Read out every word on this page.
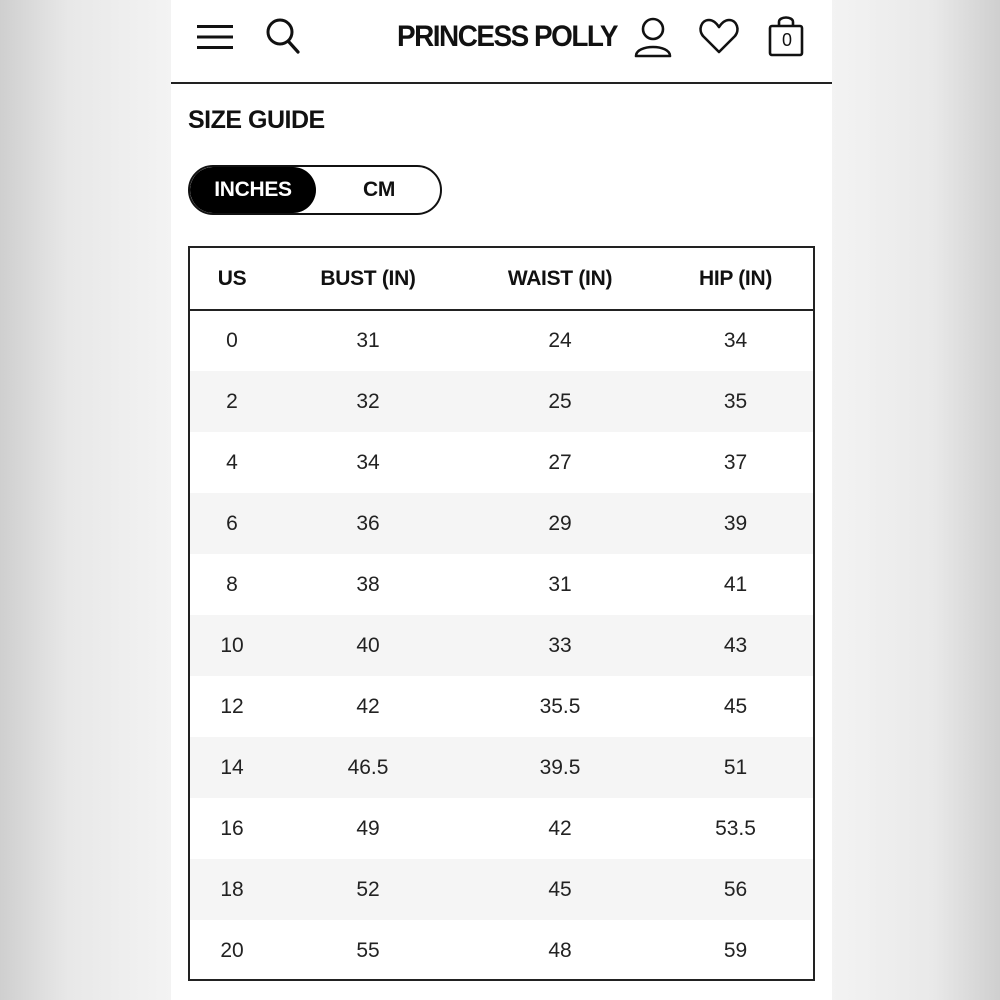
PRINCESS POLLY	0
SIZE GUIDE
INCHES	CM
US	BUST (IN)	WAIST (IN)	HIP (IN)
0	31	24	34
2	32	25	35
4	34	27	37
6	36	29	39
8	38	31	41
10	40	33	43
12	42	35.5	45
14	46.5	39.5	51
16	49	42	53.5
18	52	45	56
20	55	48	59
